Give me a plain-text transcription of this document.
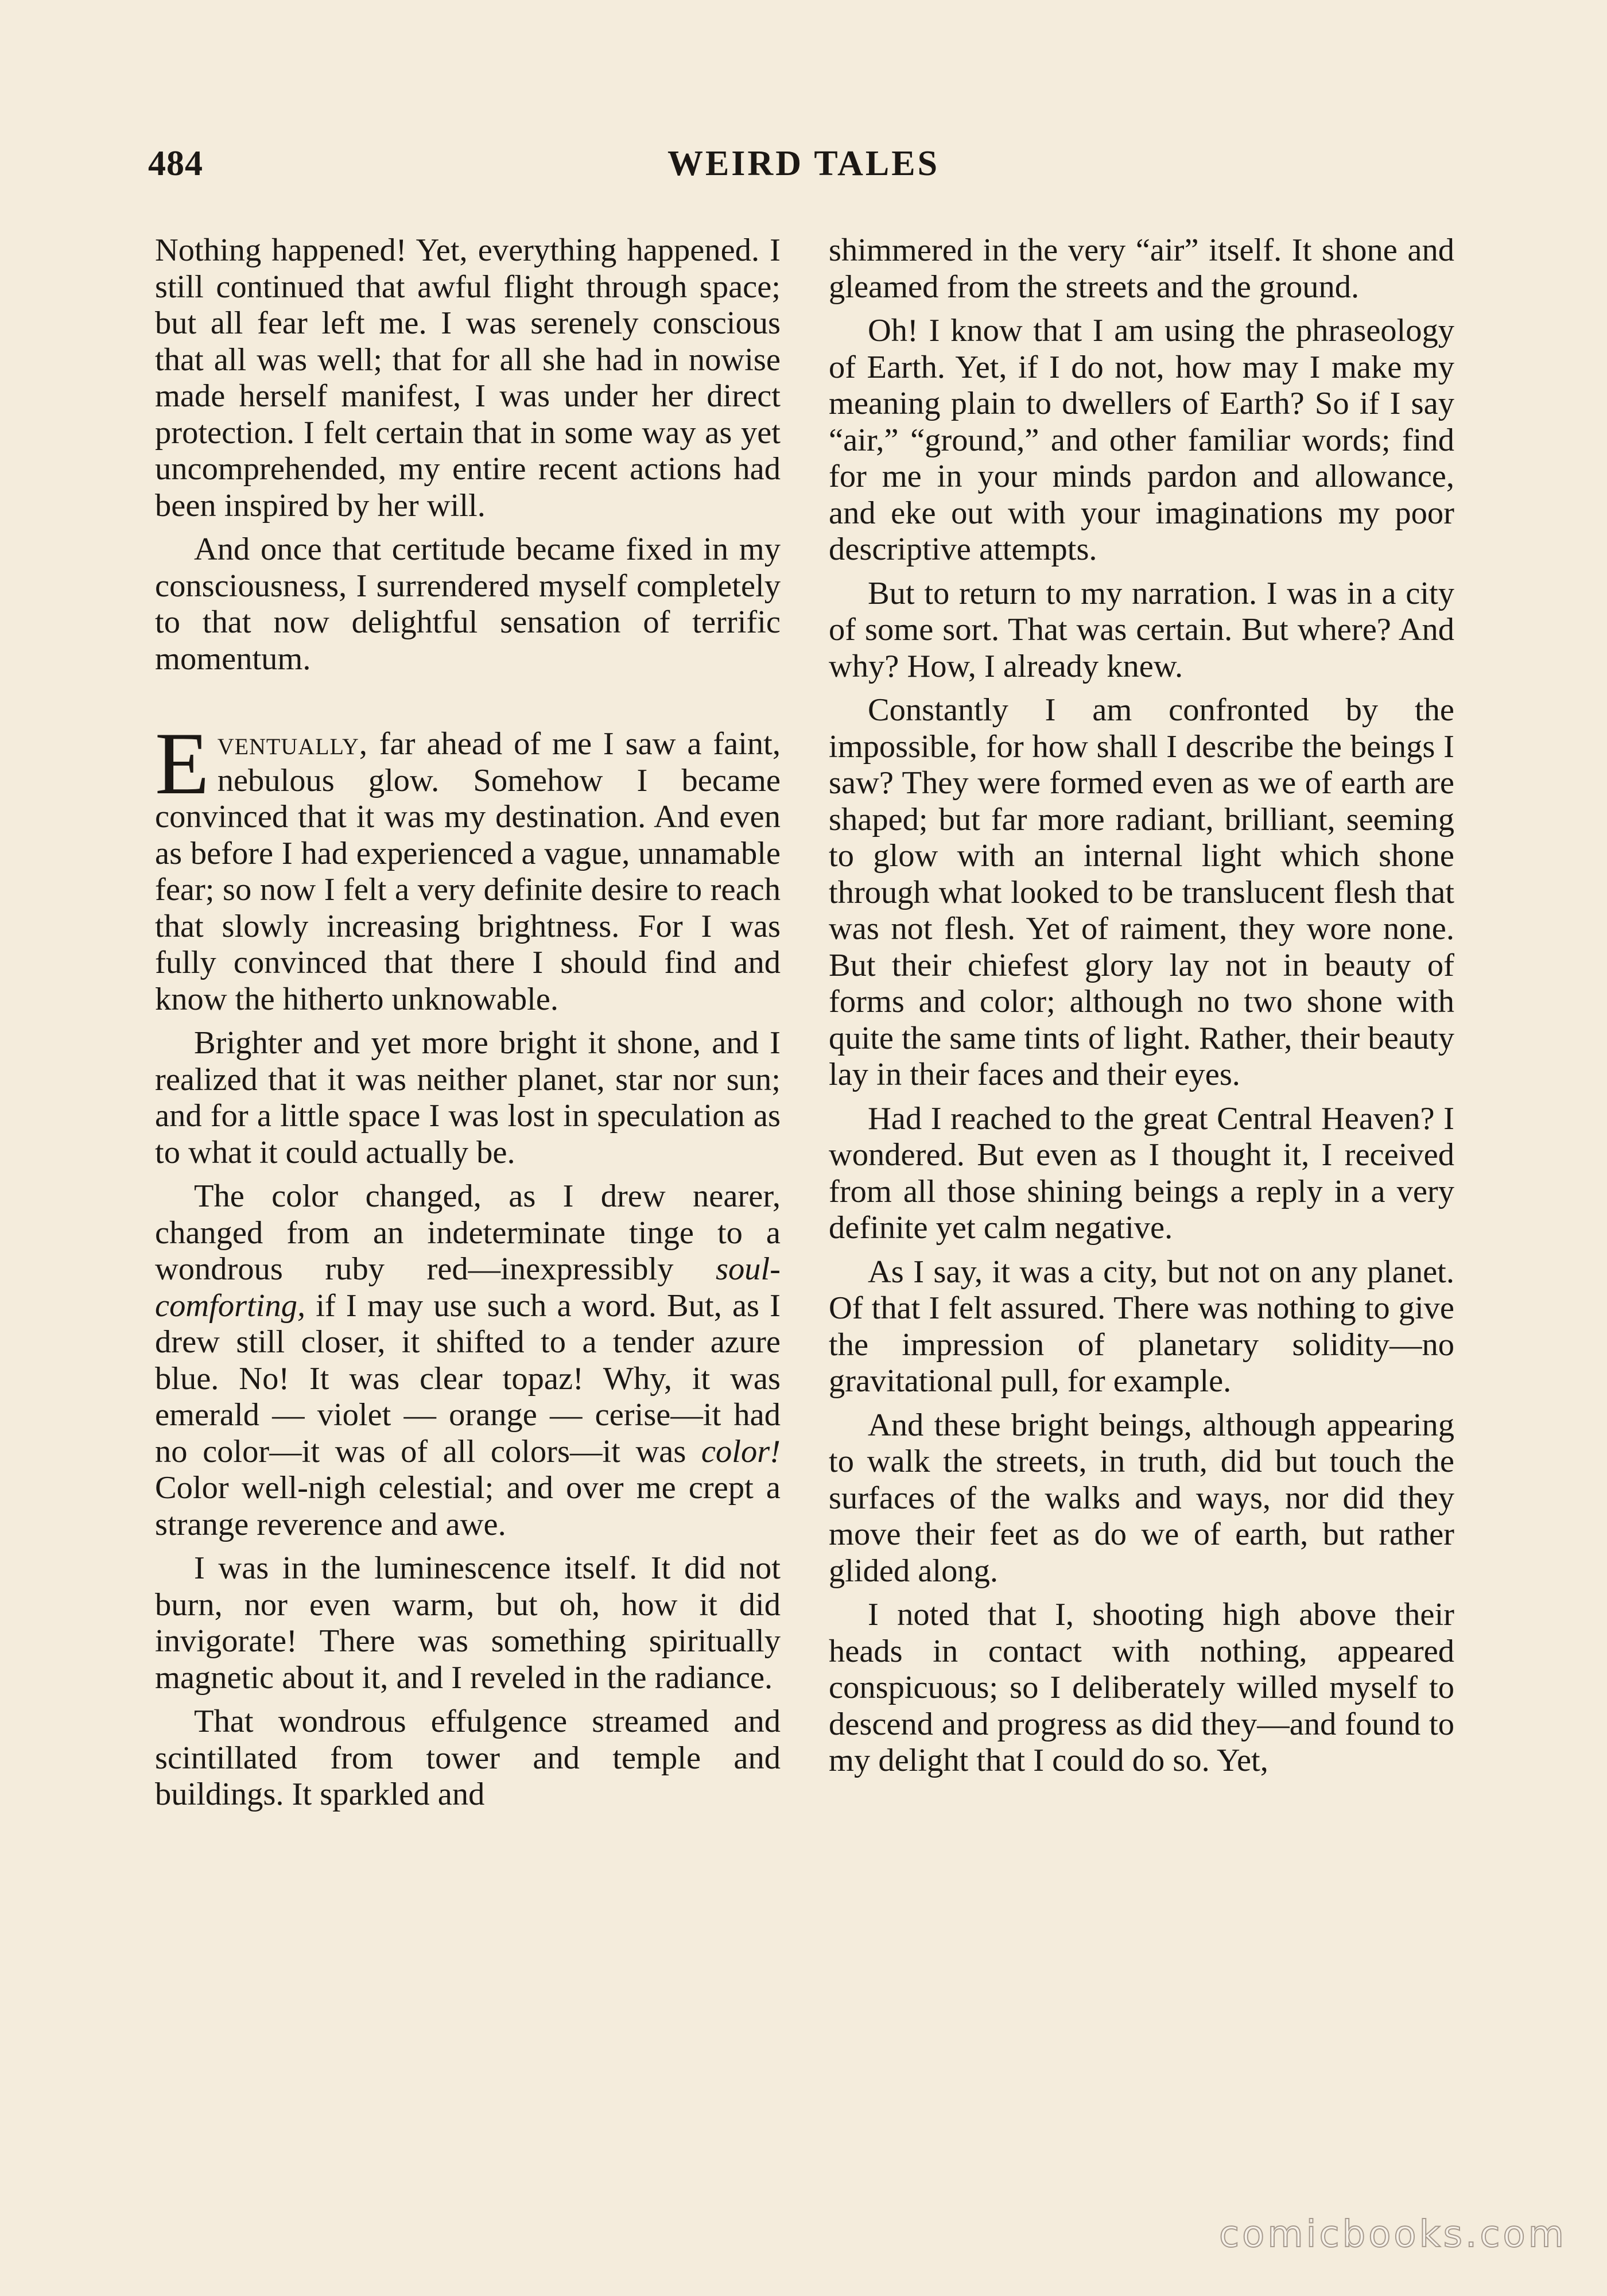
484	WEIRD TALES

Nothing happened! Yet, everything happened. I still continued that awful flight through space; but all fear left me. I was serenely conscious that all was well; that for all she had in nowise made herself manifest, I was under her direct protection. I felt certain that in some way as yet uncomprehended, my entire recent actions had been inspired by her will.

And once that certitude became fixed in my consciousness, I surrendered myself completely to that now delightful sensation of terrific momentum.

Eventually, far ahead of me I saw a faint, nebulous glow. Somehow I became convinced that it was my destination. And even as before I had experienced a vague, unnamable fear; so now I felt a very definite desire to reach that slowly increasing brightness. For I was fully convinced that there I should find and know the hitherto unknowable.

Brighter and yet more bright it shone, and I realized that it was neither planet, star nor sun; and for a little space I was lost in speculation as to what it could actually be.

The color changed, as I drew nearer, changed from an indeterminate tinge to a wondrous ruby red—inexpressibly soul-comforting, if I may use such a word. But, as I drew still closer, it shifted to a tender azure blue. No! It was clear topaz! Why, it was emerald — violet — orange — cerise—it had no color—it was of all colors—it was color! Color well-nigh celestial; and over me crept a strange reverence and awe.

I was in the luminescence itself. It did not burn, nor even warm, but oh, how it did invigorate! There was something spiritually magnetic about it, and I reveled in the radiance.

That wondrous effulgence streamed and scintillated from tower and temple and buildings. It sparkled and

shimmered in the very “air” itself. It shone and gleamed from the streets and the ground.

Oh! I know that I am using the phraseology of Earth. Yet, if I do not, how may I make my meaning plain to dwellers of Earth? So if I say “air,” “ground,” and other familiar words; find for me in your minds pardon and allowance, and eke out with your imaginations my poor descriptive attempts.

But to return to my narration. I was in a city of some sort. That was certain. But where? And why? How, I already knew.

Constantly I am confronted by the impossible, for how shall I describe the beings I saw? They were formed even as we of earth are shaped; but far more radiant, brilliant, seeming to glow with an internal light which shone through what looked to be translucent flesh that was not flesh. Yet of raiment, they wore none. But their chiefest glory lay not in beauty of forms and color; although no two shone with quite the same tints of light. Rather, their beauty lay in their faces and their eyes.

Had I reached to the great Central Heaven? I wondered. But even as I thought it, I received from all those shining beings a reply in a very definite yet calm negative.

As I say, it was a city, but not on any planet. Of that I felt assured. There was nothing to give the impression of planetary solidity—no gravitational pull, for example.

And these bright beings, although appearing to walk the streets, in truth, did but touch the surfaces of the walks and ways, nor did they move their feet as do we of earth, but rather glided along.

I noted that I, shooting high above their heads in contact with nothing, appeared conspicuous; so I deliberately willed myself to descend and progress as did they—and found to my delight that I could do so. Yet,

comicbooks.com
